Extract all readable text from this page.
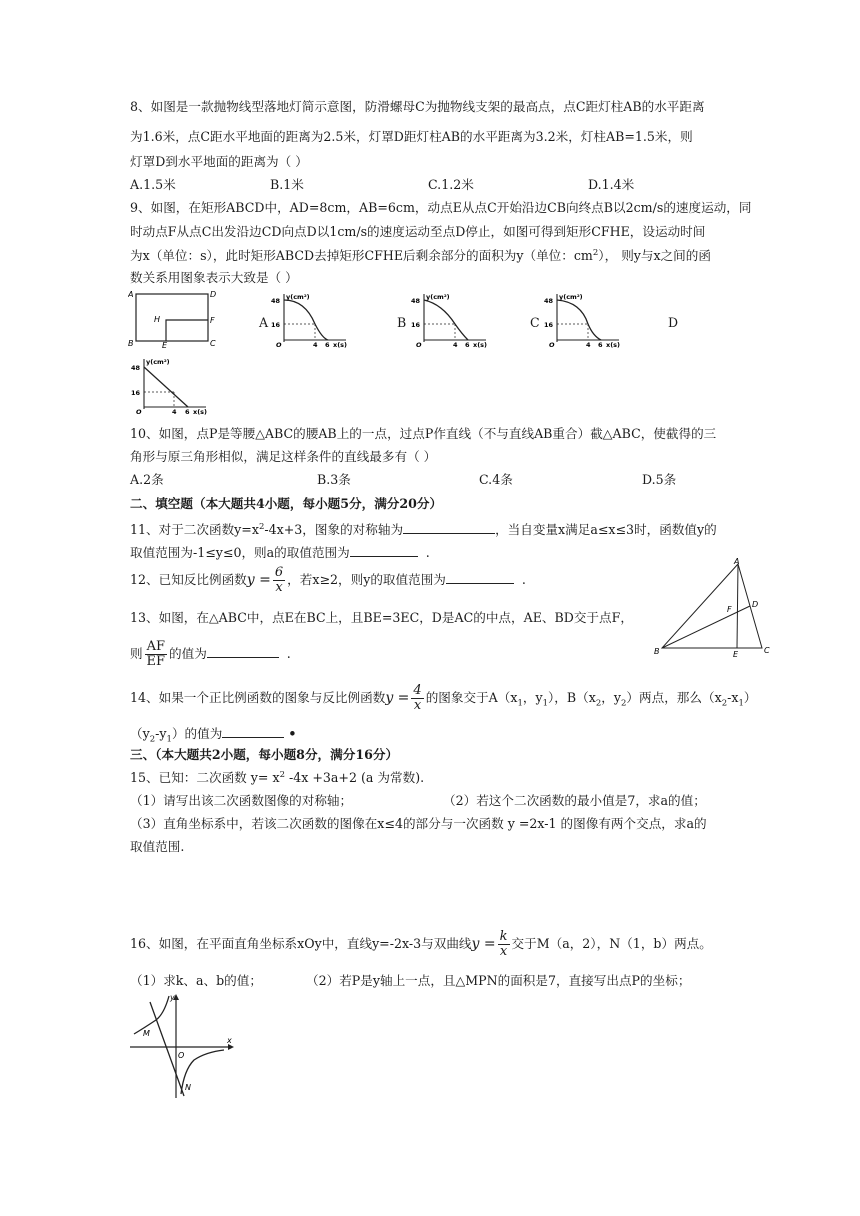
8、如图是一款抛物线型落地灯简示意图，防滑螺母C为抛物线支架的最高点，点C距灯柱AB的水平距离
为1.6米，点C距水平地面的距离为2.5米，灯罩D距灯柱AB的水平距离为3.2米，灯柱AB=1.5米，则
灯罩D到水平地面的距离为（ ）
A.1.5米	B.1米	C.1.2米	D.1.4米
9、如图，在矩形ABCD中，AD=8cm，AB=6cm，动点E从点C开始沿边CB向终点B以2cm/s的速度运动，同
时动点F从点C出发沿边CD向点D以1cm/s的速度运动至点D停止，如图可得到矩形CFHE，设运动时间
为x（单位：s），此时矩形ABCD去掉矩形CFHE后剩余部分的面积为y（单位：$cm^2$）， 则y与x之间的函
数关系用图象表示大致是（ ）
A	D
H	F
B	E	C
A	B	C	D
y(cm²)
48
16
O	4 6 x(s)
y(cm²)
48
16
O	4 6 x(s)
y(cm²)
48
16
O	4 6 x(s)
y(cm²)
48
16
O	4 6 x(s)
10、如图，点P是等腰△ABC的腰AB上的一点，过点P作直线（不与直线AB重合）截△ABC，使截得的三
角形与原三角形相似，满足这样条件的直线最多有（ ）
A.2条	B.3条	C.4条	D.5条
二、填空题（本大题共4小题，每小题5分，满分20分）
11、对于二次函数$y=x^2-4x+3$，图象的对称轴为	，当自变量x满足a≤x≤3时，函数值y的
取值范围为-1≤y≤0，则a的取值范围为	.
12、已知反比例函数$y = \frac{6}{x}$ ，若x≥2，则y的取值范围为	.
13、如图，在△ABC中，点E在BC上，且BE=3EC，D是AC的中点，AE、BD交于点F，
则 $\frac{AF}{EF}$ 的值为	.
A
F
D
B	E	C
14、如果一个正比例函数的图象与反比例函数$y = \frac{4}{x}$ 的图象交于$A(x_1$，$y_1$），$B(x_2$，$y_2$）两点，那么$(x_2-x_1)$
$(y_2-y_1)$的值为	•
三、（本大题共2小题，每小题8分，满分16分）
15、已知：二次函数 $y= x^2$ -4x +3a+2 (a 为常数).
（1）请写出该二次函数图像的对称轴；	（2）若这个二次函数的最小值是7，求a的值；
（3）直角坐标系中，若该二次函数的图像在x≤4的部分与一次函数 y =2x-1 的图像有两个交点，求a的
取值范围.
16、如图，在平面直角坐标系xOy中，直线y=-2x-3与双曲线$y = \frac{k}{x}$ 交于M（a，2），N（1，b）两点。
（1）求k、a、b的值；	（2）若P是y轴上一点，且△MPN的面积是7，直接写出点P的坐标；
y
x
M
O
N
